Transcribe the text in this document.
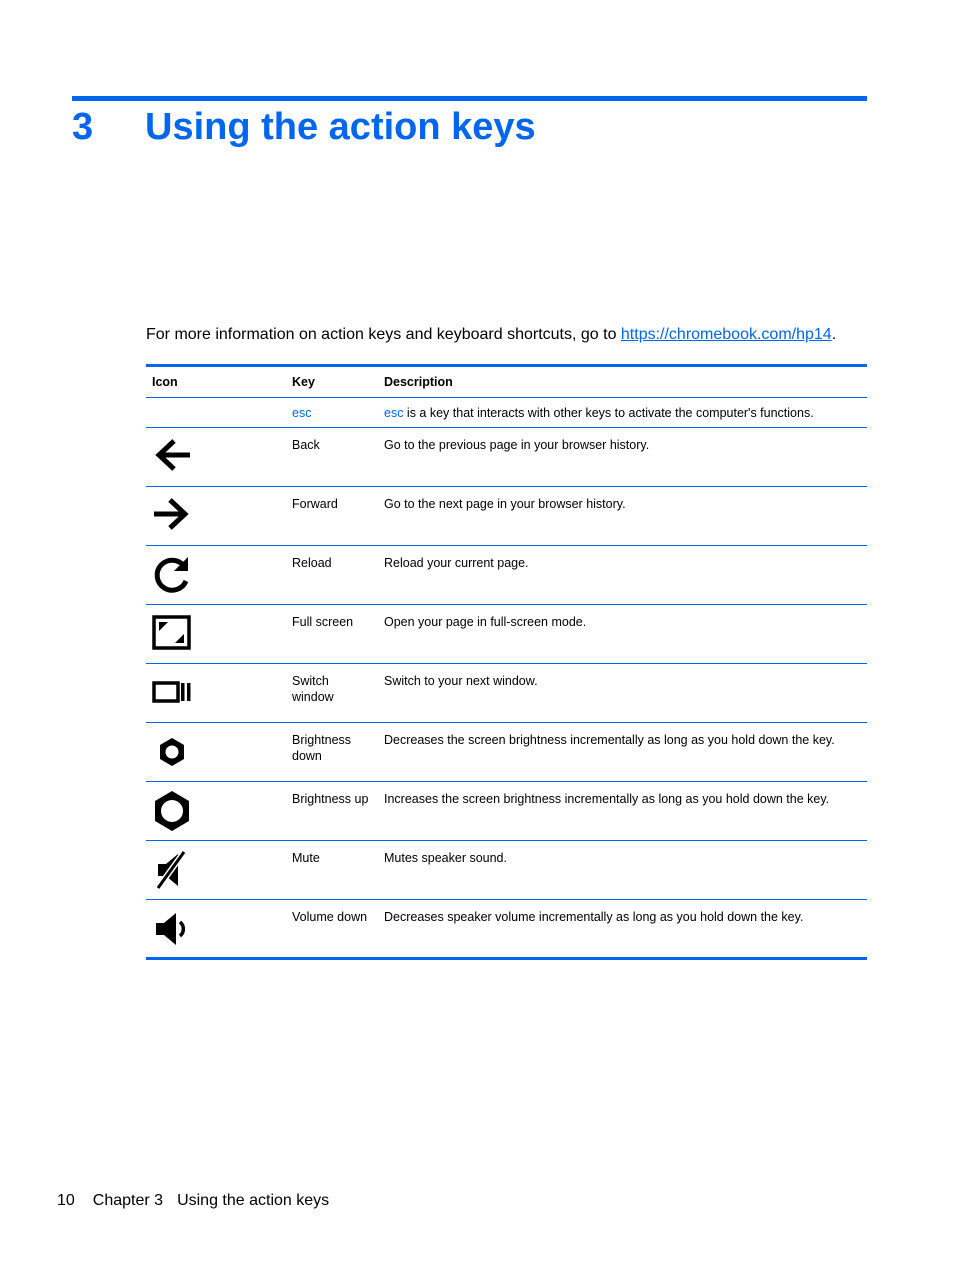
3 Using the action keys
For more information on action keys and keyboard shortcuts, go to https://chromebook.com/hp14.
Icon	Key	Description
	esc	esc is a key that interacts with other keys to activate the computer's functions.

	Back	Go to the previous page in your browser history.

	Forward	Go to the next page in your browser history.

	Reload	Reload your current page.

	Full screen	Open your page in full-screen mode.

	Switch window	Switch to your next window.

	Brightness down	Decreases the screen brightness incrementally as long as you hold down the key.

	Brightness up	Increases the screen brightness incrementally as long as you hold down the key.

	Mute	Mutes speaker sound.

	Volume down	Decreases speaker volume incrementally as long as you hold down the key.
10 Chapter 3 Using the action keys
